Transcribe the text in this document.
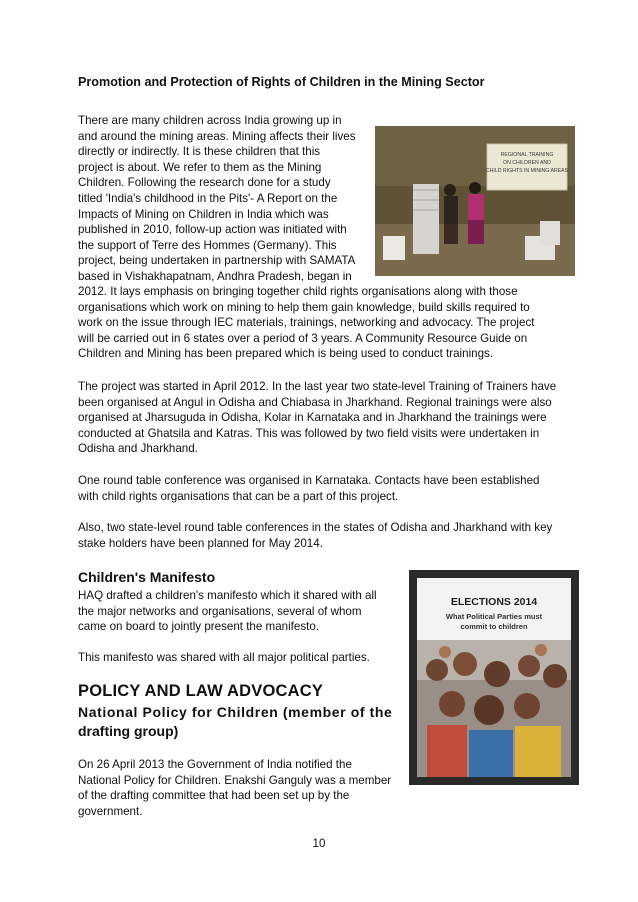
Promotion and Protection of Rights of Children in the Mining Sector

There are many children across India growing up in

and around the mining areas. Mining affects their lives

directly or indirectly. It is these children that this

project is about. We refer to them as the Mining

Children. Following the research done for a study

titled 'India's childhood in the Pits'- A Report on the

Impacts of Mining on Children in India which was

published in 2010, follow-up action was initiated with

the support of Terre des Hommes (Germany). This

project, being undertaken in partnership with SAMATA

based in Vishakhapatnam, Andhra Pradesh, began in

REGIONAL TRAINING
ON CHILDREN AND
CHILD RIGHTS IN MINING AREAS

2012. It lays emphasis on bringing together child rights organisations along with those

organisations which work on mining to help them gain knowledge, build skills required to

work on the issue through IEC materials, trainings, networking and advocacy. The project

will be carried out in 6 states over a period of 3 years. A Community Resource Guide on

Children and Mining has been prepared which is being used to conduct trainings.

The project was started in April 2012. In the last year two state-level Training of Trainers have

been organised at Angul in Odisha and Chiabasa in Jharkhand. Regional trainings were also

organised at Jharsuguda in Odisha, Kolar in Karnataka and in Jharkhand the trainings were

conducted at Ghatsila and Katras. This was followed by two field visits were undertaken in

Odisha and Jharkhand.

One round table conference was organised in Karnataka. Contacts have been established

with child rights organisations that can be a part of this project.

Also, two state-level round table conferences in the states of Odisha and Jharkhand with key

stake holders have been planned for May 2014.

Children's Manifesto

HAQ drafted a children's manifesto which it shared with all

the major networks and organisations, several of whom

came on board to jointly present the manifesto.

This manifesto was shared with all major political parties.

ELECTIONS 2014
What Political Parties must
commit to children

POLICY AND LAW ADVOCACY

National Policy for Children (member of the

drafting group)

On 26 April 2013 the Government of India notified the

National Policy for Children. Enakshi Ganguly was a member

of the drafting committee that had been set up by the

government.

10
